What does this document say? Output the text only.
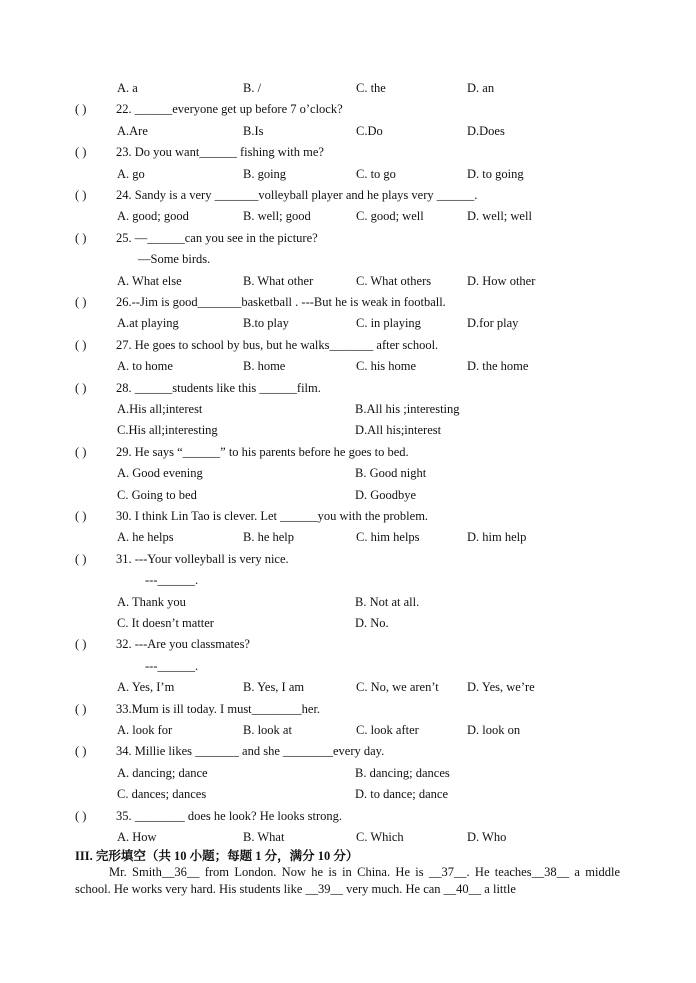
A. a	B. /	C. the	D. an
( ) 22. ______everyone get up before 7 o’clock?
A.Are	B.Is	C.Do	D.Does
( ) 23. Do you want______ fishing with me?
A. go	B. going	C. to go	D. to going
( ) 24. Sandy is a very _______volleyball player and he plays very ______.
A. good; good	B. well; good	C. good; well	D. well; well
( ) 25. —______can you see in the picture?
—Some birds.
A. What else	B. What other	C. What others	D. How other
( ) 26.--Jim is good_______basketball . ---But he is weak in football.
A.at playing	B.to play	C. in playing	D.for play
( ) 27. He goes to school by bus, but he walks_______ after school.
A. to home	B. home	C. his home	D. the home
( ) 28. ______students like this ______film.
A.His all;interest	B.All his ;interesting
C.His all;interesting	D.All his;interest
( ) 29. He says “______” to his parents before he goes to bed.
A. Good evening	B. Good night
C. Going to bed	D. Goodbye
( ) 30. I think Lin Tao is clever. Let ______you with the problem.
A. he helps	B. he help	C. him helps	D. him help
( ) 31. ---Your volleyball is very nice.
---______.
A. Thank you	B. Not at all.
C. It doesn’t matter	D. No.
( ) 32. ---Are you classmates?
---______.
A. Yes, I’m	B. Yes, I am	C. No, we aren’t D. Yes, we’re
( ) 33.Mum is ill today. I must________her.
A. look for	B. look at	C. look after	D. look on
( ) 34. Millie likes _______ and she ________every day.
A. dancing; dance	B. dancing; dances
C. dances; dances	D. to dance; dance
( ) 35. ________ does he look? He looks strong.
A. How	B. What	C. Which	D. Who
III. 完形填空（共 10 小题；每题 1 分，满分 10 分）
Mr. Smith__36__ from London. Now he is in China. He is __37__. He teaches__38__ a middle school. He works very hard. His students like __39__ very much. He can __40__ a little
